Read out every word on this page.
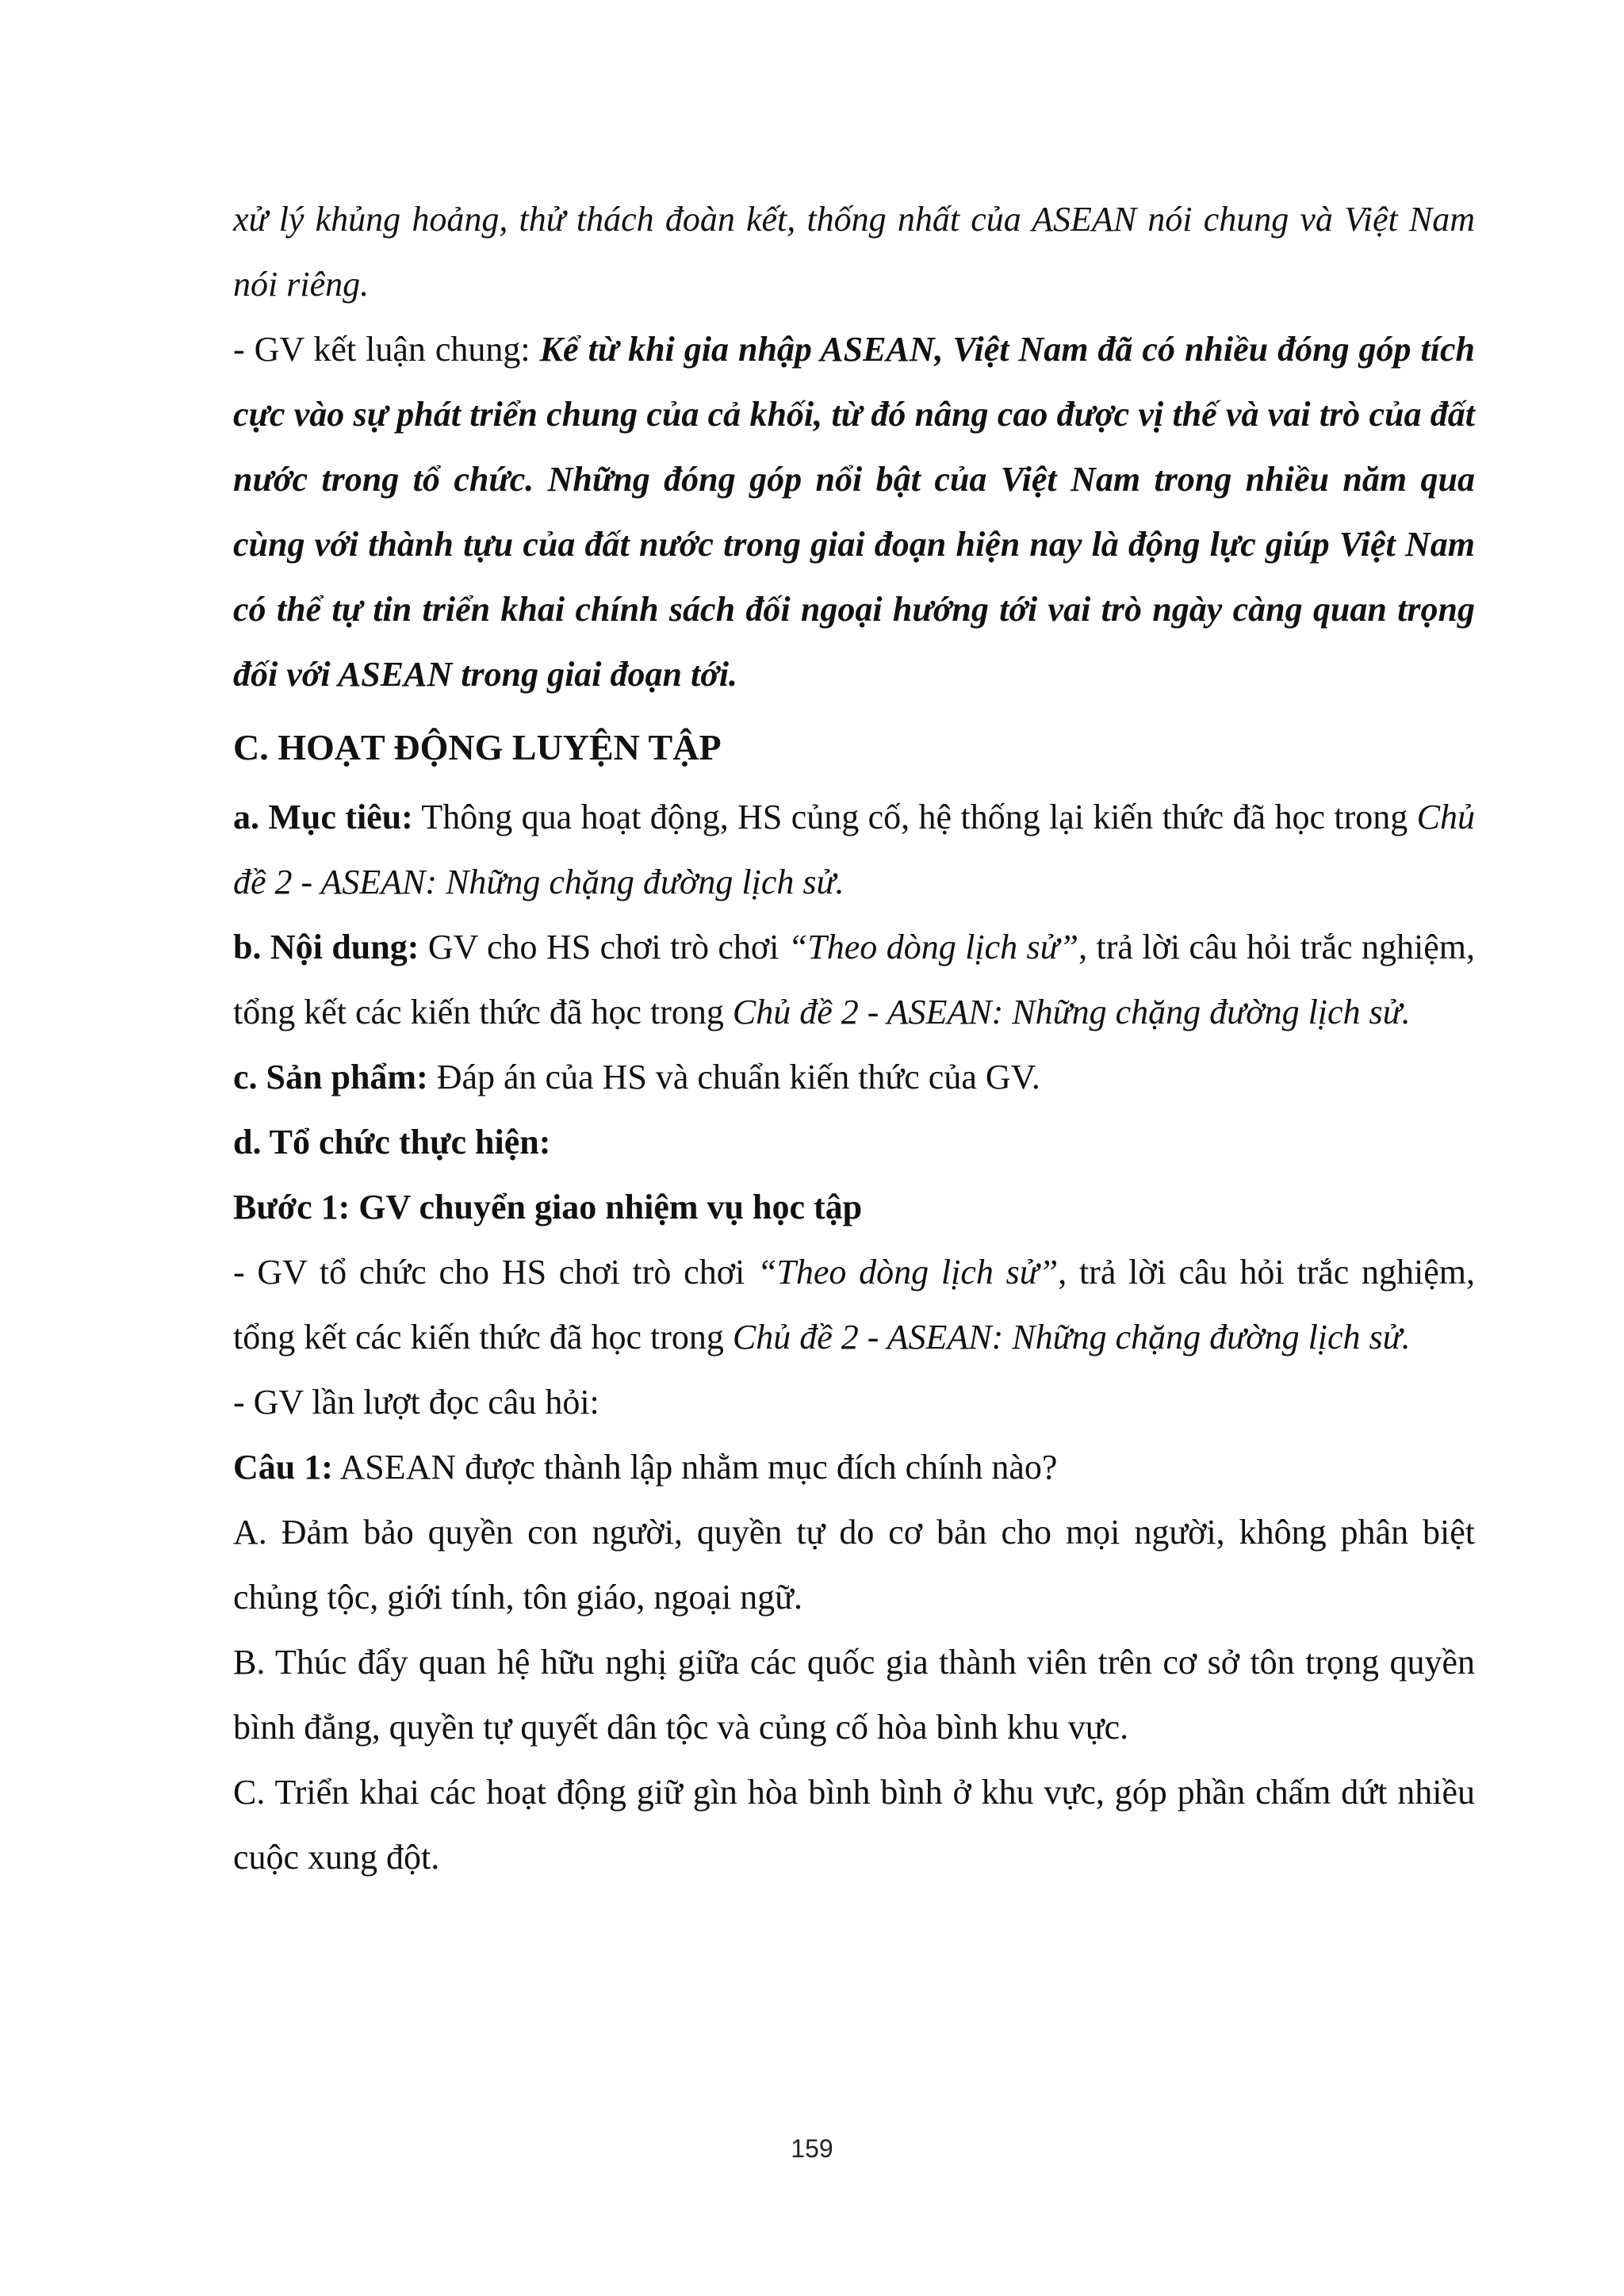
xử lý khủng hoảng, thử thách đoàn kết, thống nhất của ASEAN nói chung và Việt Nam nói riêng.

- GV kết luận chung: Kể từ khi gia nhập ASEAN, Việt Nam đã có nhiều đóng góp tích cực vào sự phát triển chung của cả khối, từ đó nâng cao được vị thế và vai trò của đất nước trong tổ chức. Những đóng góp nổi bật của Việt Nam trong nhiều năm qua cùng với thành tựu của đất nước trong giai đoạn hiện nay là động lực giúp Việt Nam có thể tự tin triển khai chính sách đối ngoại hướng tới vai trò ngày càng quan trọng đối với ASEAN trong giai đoạn tới.

C. HOẠT ĐỘNG LUYỆN TẬP

a. Mục tiêu: Thông qua hoạt động, HS củng cố, hệ thống lại kiến thức đã học trong Chủ đề 2 - ASEAN: Những chặng đường lịch sử.

b. Nội dung: GV cho HS chơi trò chơi “Theo dòng lịch sử”, trả lời câu hỏi trắc nghiệm, tổng kết các kiến thức đã học trong Chủ đề 2 - ASEAN: Những chặng đường lịch sử.

c. Sản phẩm: Đáp án của HS và chuẩn kiến thức của GV.

d. Tổ chức thực hiện:

Bước 1: GV chuyển giao nhiệm vụ học tập

- GV tổ chức cho HS chơi trò chơi “Theo dòng lịch sử”, trả lời câu hỏi trắc nghiệm, tổng kết các kiến thức đã học trong Chủ đề 2 - ASEAN: Những chặng đường lịch sử.

- GV lần lượt đọc câu hỏi:

Câu 1: ASEAN được thành lập nhằm mục đích chính nào?

A. Đảm bảo quyền con người, quyền tự do cơ bản cho mọi người, không phân biệt chủng tộc, giới tính, tôn giáo, ngoại ngữ.

B. Thúc đẩy quan hệ hữu nghị giữa các quốc gia thành viên trên cơ sở tôn trọng quyền bình đẳng, quyền tự quyết dân tộc và củng cố hòa bình khu vực.

C. Triển khai các hoạt động giữ gìn hòa bình bình ở khu vực, góp phần chấm dứt nhiều cuộc xung đột.

159
